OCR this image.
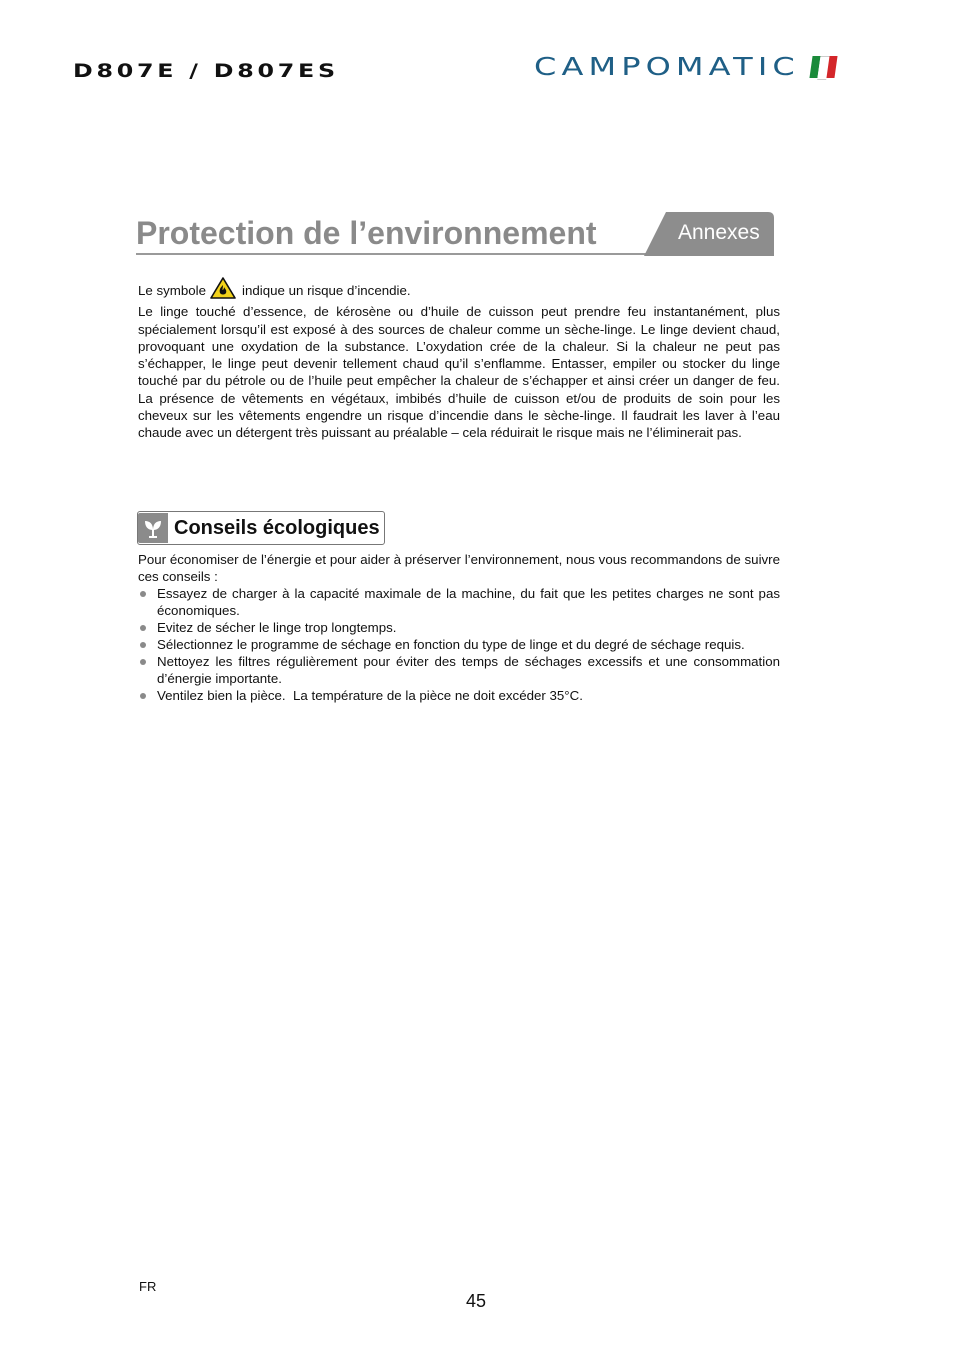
D807E / D807ES	CAMPOMATIC
Protection de l’environnement	Annexes

Le symbole	indique un risque d’incendie.
Le linge touché d’essence, de kérosène ou d’huile de cuisson peut prendre feu instantanément, plus spécialement lorsqu’il est exposé à des sources de chaleur comme un sèche-linge. Le linge devient chaud, provoquant une oxydation de la substance. L’oxydation crée de la chaleur. Si la chaleur ne peut pas s’échapper, le linge peut devenir tellement chaud qu’il s’enflamme. Entasser, empiler ou stocker du linge touché par du pétrole ou de l’huile peut empêcher la chaleur de s’échapper et ainsi créer un danger de feu. La présence de vêtements en végétaux, imbibés d’huile de cuisson et/ou de produits de soin pour les cheveux sur les vêtements engendre un risque d’incendie dans le sèche-linge. Il faudrait les laver à l’eau chaude avec un détergent très puissant au préalable – cela réduirait le risque mais ne l’éliminerait pas.

Conseils écologiques

Pour économiser de l’énergie et pour aider à préserver l’environnement, nous vous recommandons de suivre ces conseils :

Essayez de charger à la capacité maximale de la machine, du fait que les petites charges ne sont pas économiques.
Evitez de sécher le linge trop longtemps.
Sélectionnez le programme de séchage en fonction du type de linge et du degré de séchage requis.
Nettoyez les filtres régulièrement pour éviter des temps de séchages excessifs et une consommation d’énergie importante.
Ventilez bien la pièce.  La température de la pièce ne doit excéder 35°C.
FR
45
